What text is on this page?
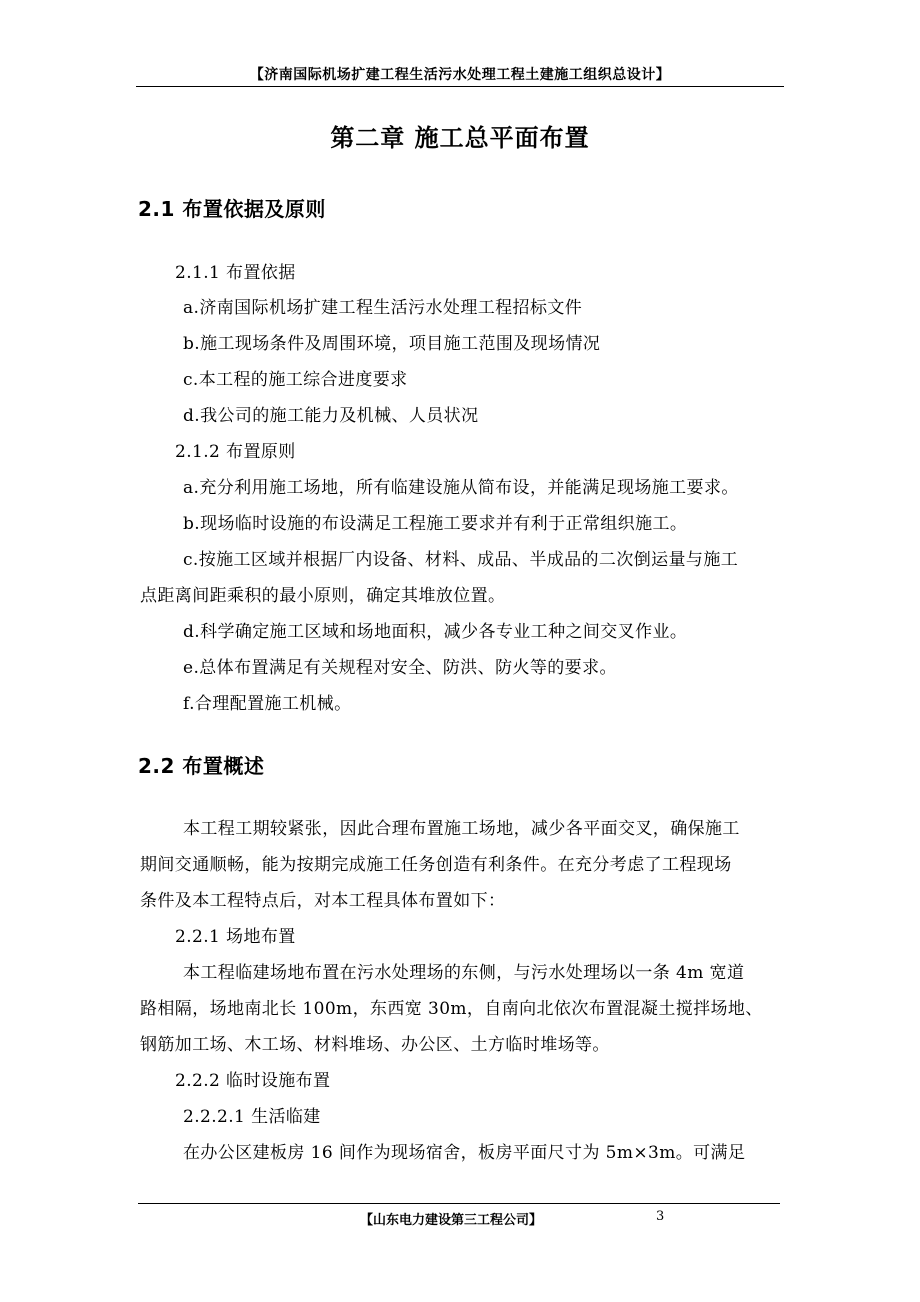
【济南国际机场扩建工程生活污水处理工程土建施工组织总设计】
第二章 施工总平面布置
2.1 布置依据及原则
2.1.1 布置依据
a.济南国际机场扩建工程生活污水处理工程招标文件
b.施工现场条件及周围环境，项目施工范围及现场情况
c.本工程的施工综合进度要求
d.我公司的施工能力及机械、人员状况
2.1.2 布置原则
a.充分利用施工场地，所有临建设施从简布设，并能满足现场施工要求。
b.现场临时设施的布设满足工程施工要求并有利于正常组织施工。
c.按施工区域并根据厂内设备、材料、成品、半成品的二次倒运量与施工
点距离间距乘积的最小原则，确定其堆放位置。
d.科学确定施工区域和场地面积，减少各专业工种之间交叉作业。
e.总体布置满足有关规程对安全、防洪、防火等的要求。
f.合理配置施工机械。
2.2 布置概述
本工程工期较紧张，因此合理布置施工场地，减少各平面交叉，确保施工
期间交通顺畅，能为按期完成施工任务创造有利条件。在充分考虑了工程现场
条件及本工程特点后，对本工程具体布置如下：
2.2.1 场地布置
本工程临建场地布置在污水处理场的东侧，与污水处理场以一条 4m 宽道
路相隔，场地南北长 100m，东西宽 30m，自南向北依次布置混凝土搅拌场地、
钢筋加工场、木工场、材料堆场、办公区、土方临时堆场等。
2.2.2 临时设施布置
2.2.2.1 生活临建
在办公区建板房 16 间作为现场宿舍，板房平面尺寸为 5m×3m。可满足
【山东电力建设第三工程公司】	3
